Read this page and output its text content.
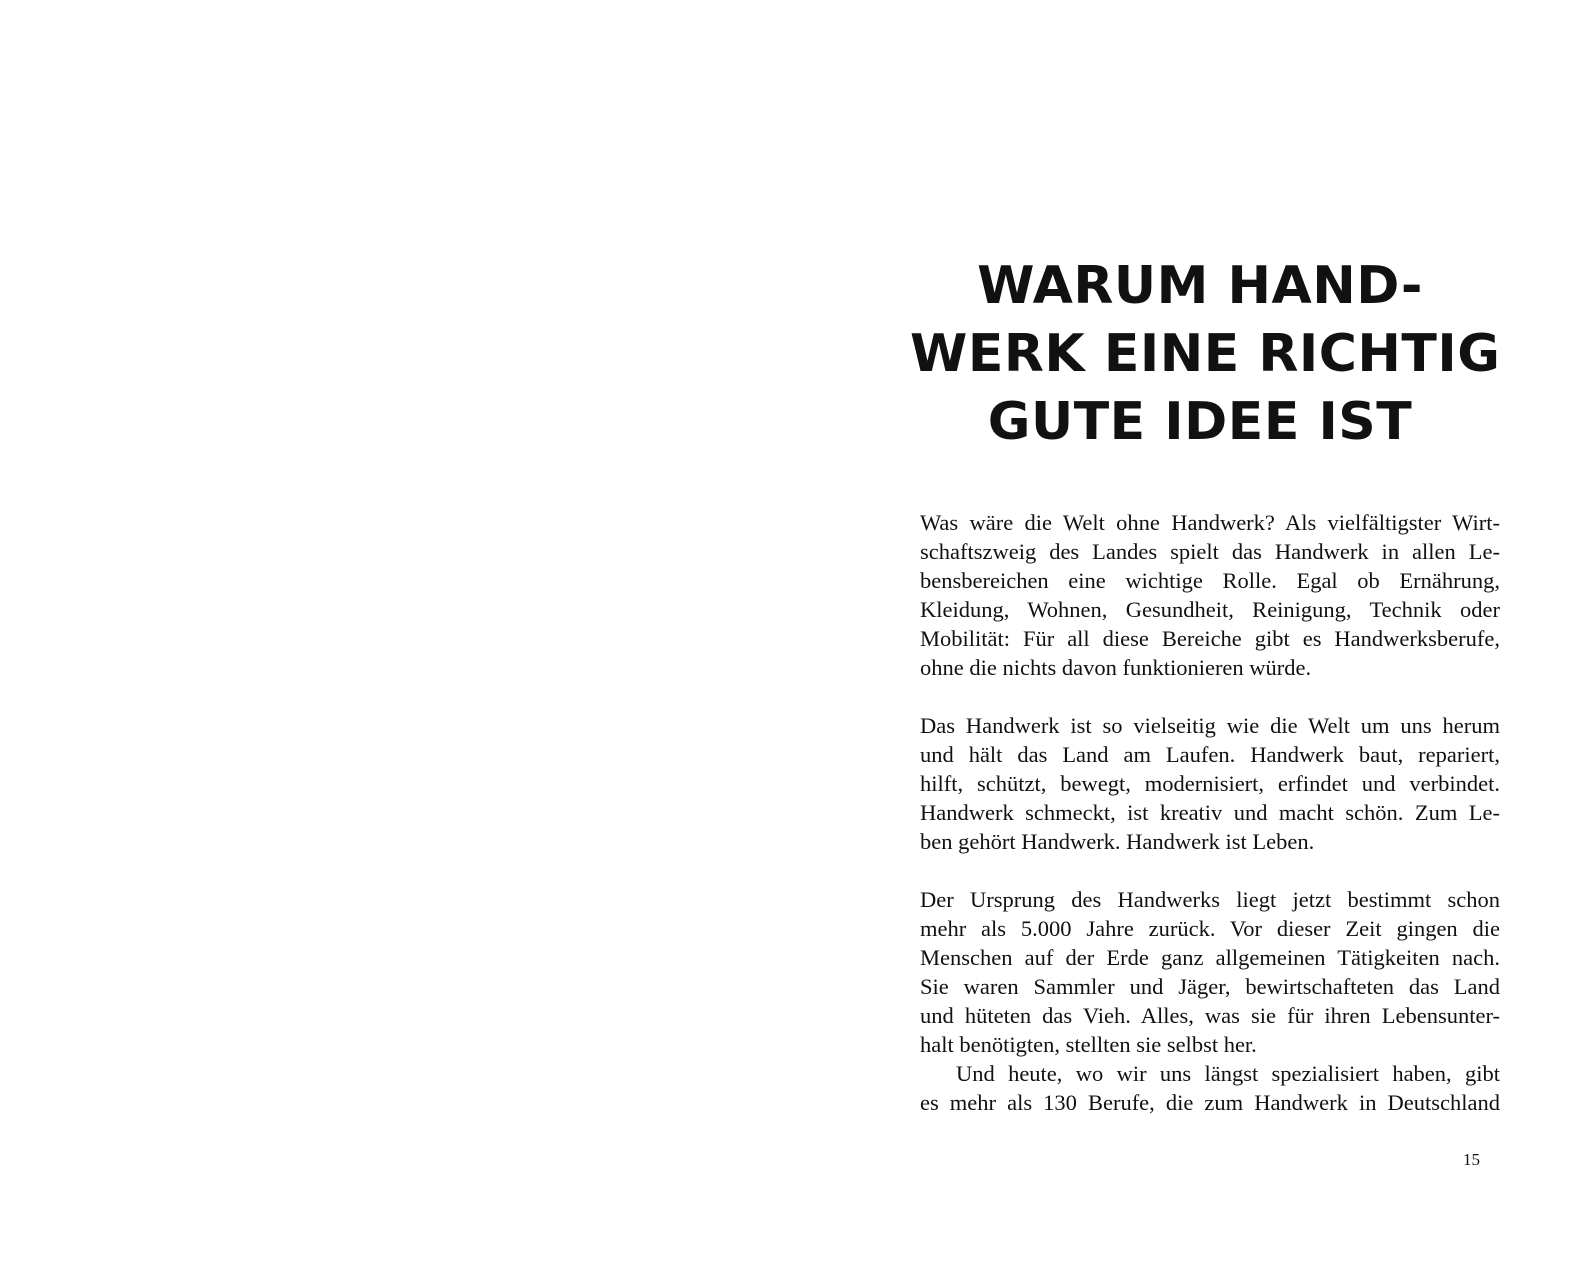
WARUM HAND-
WERK EINE RICHTIG
GUTE IDEE IST

Was wäre die Welt ohne Handwerk? Als vielfältigster Wirt-
schaftszweig des Landes spielt das Handwerk in allen Le-
bensbereichen eine wichtige Rolle. Egal ob Ernährung,
Kleidung, Wohnen, Gesundheit, Reinigung, Technik oder
Mobilität: Für all diese Bereiche gibt es Handwerksberufe,
ohne die nichts davon funktionieren würde.

Das Handwerk ist so vielseitig wie die Welt um uns herum
und hält das Land am Laufen. Handwerk baut, repariert,
hilft, schützt, bewegt, modernisiert, erfindet und verbindet.
Handwerk schmeckt, ist kreativ und macht schön. Zum Le-
ben gehört Handwerk. Handwerk ist Leben.

Der Ursprung des Handwerks liegt jetzt bestimmt schon
mehr als 5.000 Jahre zurück. Vor dieser Zeit gingen die
Menschen auf der Erde ganz allgemeinen Tätigkeiten nach.
Sie waren Sammler und Jäger, bewirtschafteten das Land
und hüteten das Vieh. Alles, was sie für ihren Lebensunter-
halt benötigten, stellten sie selbst her.

Und heute, wo wir uns längst spezialisiert haben, gibt
es mehr als 130 Berufe, die zum Handwerk in Deutschland

15
